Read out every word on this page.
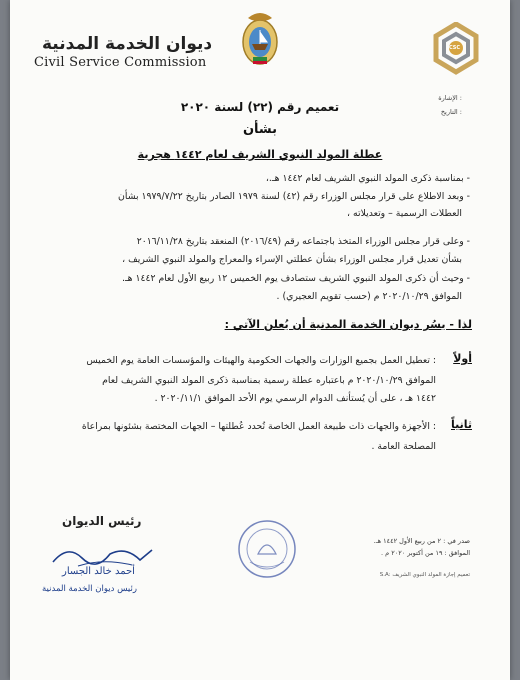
CSC
ديوان الخدمة المدنية
Civil Service Commission
: الإشارة
: التاريخ
تعميم رقم (٢٢) لسنة ٢٠٢٠
بشأن
عطلة المولد النبوي الشريف لعام ١٤٤٢ هجرية
- بمناسبة ذكرى المولد النبوي الشريف لعام ١٤٤٢ هـ.،
- وبعد الاطلاع على قرار مجلس الوزراء رقم (٤٢) لسنة ١٩٧٩ الصادر بتاريخ ١٩٧٩/٧/٢٢ بشأن
العطلات الرسمية – وتعديلاته ،
- وعلى قرار مجلس الوزراء المتخذ باجتماعه رقم (٢٠١٦/٤٩) المنعقد بتاريخ ٢٠١٦/١١/٢٨
بشأن تعديل قرار مجلس الوزراء بشأن عطلتي الإسراء والمعراج والمولد النبوي الشريف ،
- وحيث أن ذكرى المولد النبوي الشريف ستصادف يوم الخميس ١٢ ربيع الأول لعام ١٤٤٢ هـ.
الموافق ٢٠٢٠/١٠/٢٩ م (حسب تقويم العجيري) .
لذا - يسُر ديوان الخدمة المدنية أن يُعلن الآتي :
أولاً
: تعطيل العمل بجميع الوزارات والجهات الحكومية والهيئات والمؤسسات العامة يوم الخميس
الموافق ٢٠٢٠/١٠/٢٩ م باعتباره عطلة رسمية بمناسبة ذكرى المولد النبوي الشريف لعام
١٤٤٢ هـ ، على أن يُستأنف الدوام الرسمي يوم الأحد الموافق ٢٠٢٠/١١/١ .
ثانياً
: الأجهزة والجهات ذات طبيعة العمل الخاصة تُحدد عُطلتها – الجهات المختصة بشئونها بمراعاة
المصلحة العامة .
رئيس الديوان
أحمد خالد الجسار
رئيس ديوان الخدمة المدنية
صدر في : ٢ من ربيع الأول ١٤٤٢ هـ.
الموافق : ١٩ من أكتوبر ٢٠٢٠ م .
تعميم إجازة المولد النبوي الشريف :S.A
